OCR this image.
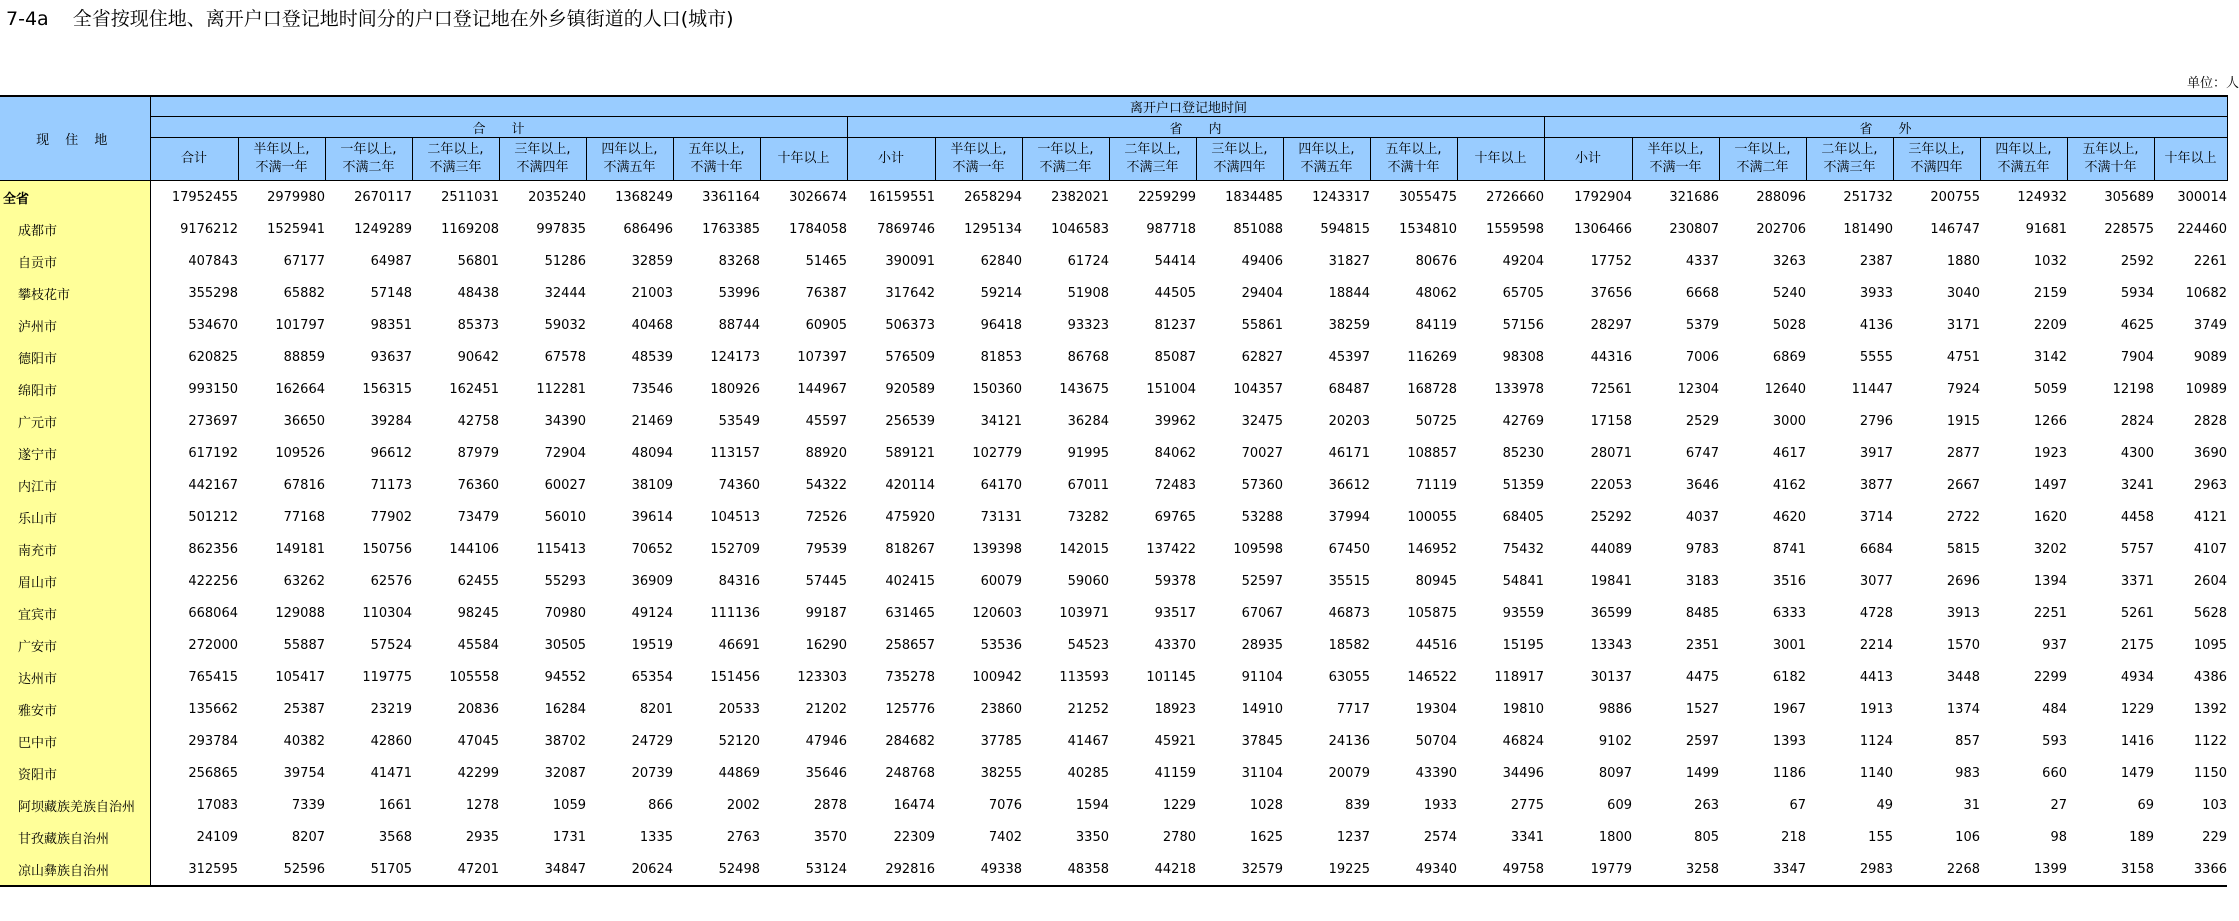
7-4a 全省按现住地、离开户口登记地时间分的户口登记地在外乡镇街道的人口(城市)
单位：人
现 住 地	离开户口登记地时间																							
	合　　计								省　　内								省　　外							
	合计	半年以上,
不满一年	一年以上,
不满二年	二年以上,
不满三年	三年以上,
不满四年	四年以上,
不满五年	五年以上,
不满十年	十年以上	小计	半年以上,
不满一年	一年以上,
不满二年	二年以上,
不满三年	三年以上,
不满四年	四年以上,
不满五年	五年以上,
不满十年	十年以上	小计	半年以上,
不满一年	一年以上,
不满二年	二年以上,
不满三年	三年以上,
不满四年	四年以上,
不满五年	五年以上,
不满十年	十年以上
全省	17952455	2979980	2670117	2511031	2035240	1368249	3361164	3026674	16159551	2658294	2382021	2259299	1834485	1243317	3055475	2726660	1792904	321686	288096	251732	200755	124932	305689	300014
成都市	9176212	1525941	1249289	1169208	997835	686496	1763385	1784058	7869746	1295134	1046583	987718	851088	594815	1534810	1559598	1306466	230807	202706	181490	146747	91681	228575	224460
自贡市	407843	67177	64987	56801	51286	32859	83268	51465	390091	62840	61724	54414	49406	31827	80676	49204	17752	4337	3263	2387	1880	1032	2592	2261
攀枝花市	355298	65882	57148	48438	32444	21003	53996	76387	317642	59214	51908	44505	29404	18844	48062	65705	37656	6668	5240	3933	3040	2159	5934	10682
泸州市	534670	101797	98351	85373	59032	40468	88744	60905	506373	96418	93323	81237	55861	38259	84119	57156	28297	5379	5028	4136	3171	2209	4625	3749
德阳市	620825	88859	93637	90642	67578	48539	124173	107397	576509	81853	86768	85087	62827	45397	116269	98308	44316	7006	6869	5555	4751	3142	7904	9089
绵阳市	993150	162664	156315	162451	112281	73546	180926	144967	920589	150360	143675	151004	104357	68487	168728	133978	72561	12304	12640	11447	7924	5059	12198	10989
广元市	273697	36650	39284	42758	34390	21469	53549	45597	256539	34121	36284	39962	32475	20203	50725	42769	17158	2529	3000	2796	1915	1266	2824	2828
遂宁市	617192	109526	96612	87979	72904	48094	113157	88920	589121	102779	91995	84062	70027	46171	108857	85230	28071	6747	4617	3917	2877	1923	4300	3690
内江市	442167	67816	71173	76360	60027	38109	74360	54322	420114	64170	67011	72483	57360	36612	71119	51359	22053	3646	4162	3877	2667	1497	3241	2963
乐山市	501212	77168	77902	73479	56010	39614	104513	72526	475920	73131	73282	69765	53288	37994	100055	68405	25292	4037	4620	3714	2722	1620	4458	4121
南充市	862356	149181	150756	144106	115413	70652	152709	79539	818267	139398	142015	137422	109598	67450	146952	75432	44089	9783	8741	6684	5815	3202	5757	4107
眉山市	422256	63262	62576	62455	55293	36909	84316	57445	402415	60079	59060	59378	52597	35515	80945	54841	19841	3183	3516	3077	2696	1394	3371	2604
宜宾市	668064	129088	110304	98245	70980	49124	111136	99187	631465	120603	103971	93517	67067	46873	105875	93559	36599	8485	6333	4728	3913	2251	5261	5628
广安市	272000	55887	57524	45584	30505	19519	46691	16290	258657	53536	54523	43370	28935	18582	44516	15195	13343	2351	3001	2214	1570	937	2175	1095
达州市	765415	105417	119775	105558	94552	65354	151456	123303	735278	100942	113593	101145	91104	63055	146522	118917	30137	4475	6182	4413	3448	2299	4934	4386
雅安市	135662	25387	23219	20836	16284	8201	20533	21202	125776	23860	21252	18923	14910	7717	19304	19810	9886	1527	1967	1913	1374	484	1229	1392
巴中市	293784	40382	42860	47045	38702	24729	52120	47946	284682	37785	41467	45921	37845	24136	50704	46824	9102	2597	1393	1124	857	593	1416	1122
资阳市	256865	39754	41471	42299	32087	20739	44869	35646	248768	38255	40285	41159	31104	20079	43390	34496	8097	1499	1186	1140	983	660	1479	1150
阿坝藏族羌族自治州	17083	7339	1661	1278	1059	866	2002	2878	16474	7076	1594	1229	1028	839	1933	2775	609	263	67	49	31	27	69	103
甘孜藏族自治州	24109	8207	3568	2935	1731	1335	2763	3570	22309	7402	3350	2780	1625	1237	2574	3341	1800	805	218	155	106	98	189	229
凉山彝族自治州	312595	52596	51705	47201	34847	20624	52498	53124	292816	49338	48358	44218	32579	19225	49340	49758	19779	3258	3347	2983	2268	1399	3158	3366
